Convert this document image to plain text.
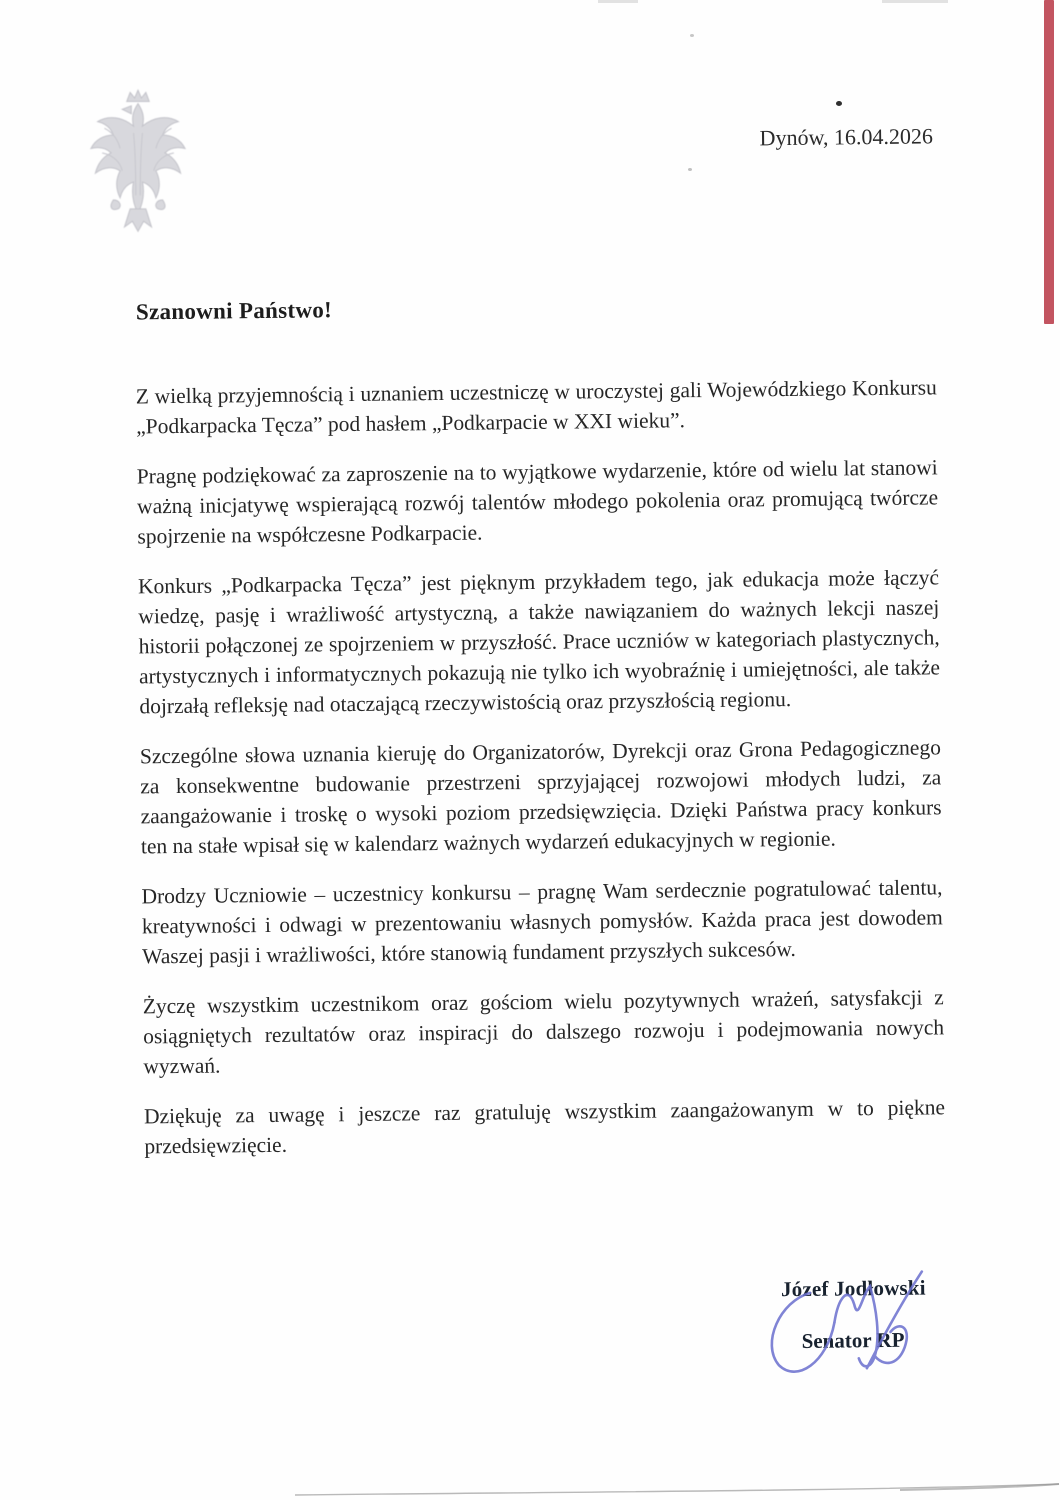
Dynów, 16.04.2026
Szanowni Państwo!

Z wielką przyjemnością i uznaniem uczestniczę w uroczystej gali Wojewódzkiego Konkursu „Podkarpacka Tęcza” pod hasłem „Podkarpacie w XXI wieku”.

Pragnę podziękować za zaproszenie na to wyjątkowe wydarzenie, które od wielu lat stanowi ważną inicjatywę wspierającą rozwój talentów młodego pokolenia oraz promującą twórcze spojrzenie na współczesne Podkarpacie.

Konkurs „Podkarpacka Tęcza” jest pięknym przykładem tego, jak edukacja może łączyć wiedzę, pasję i wrażliwość artystyczną, a także nawiązaniem do ważnych lekcji naszej historii połączonej ze spojrzeniem w przyszłość. Prace uczniów w kategoriach plastycznych, artystycznych i informatycznych pokazują nie tylko ich wyobraźnię i umiejętności, ale także dojrzałą refleksję nad otaczającą rzeczywistością oraz przyszłością regionu.

Szczególne słowa uznania kieruję do Organizatorów, Dyrekcji oraz Grona Pedagogicznego za konsekwentne budowanie przestrzeni sprzyjającej rozwojowi młodych ludzi, za zaangażowanie i troskę o wysoki poziom przedsięwzięcia. Dzięki Państwa pracy konkurs ten na stałe wpisał się w kalendarz ważnych wydarzeń edukacyjnych w regionie.

Drodzy Uczniowie – uczestnicy konkursu – pragnę Wam serdecznie pogratulować talentu, kreatywności i odwagi w prezentowaniu własnych pomysłów. Każda praca jest dowodem Waszej pasji i wrażliwości, które stanowią fundament przyszłych sukcesów.

Życzę wszystkim uczestnikom oraz gościom wielu pozytywnych wrażeń, satysfakcji z osiągniętych rezultatów oraz inspiracji do dalszego rozwoju i podejmowania nowych wyzwań.

Dziękuję za uwagę i jeszcze raz gratuluję wszystkim zaangażowanym w to piękne przedsięwzięcie.

Józef Jodłowski
Senator RP
